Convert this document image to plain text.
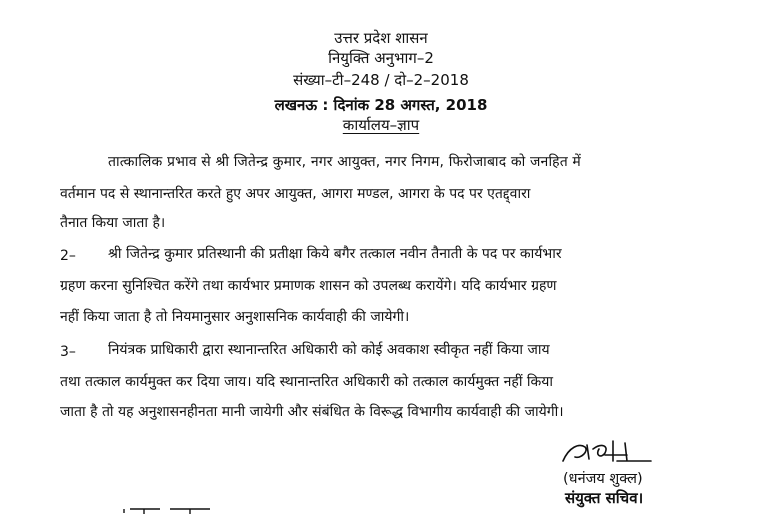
उत्तर प्रदेश शासन
नियुक्ति अनुभाग–2
संख्या–टी–248 / दो–2–2018
लखनऊ : दिनांक 28 अगस्त, 2018
कार्यालय–ज्ञाप
तात्कालिक प्रभाव से श्री जितेन्द्र कुमार, नगर आयुक्त, नगर निगम, फिरोजाबाद को जनहित में
वर्तमान पद से स्थानान्तरित करते हुए अपर आयुक्त, आगरा मण्डल, आगरा के पद पर एतद्द्वारा
तैनात किया जाता है।
2–	श्री जितेन्द्र कुमार प्रतिस्थानी की प्रतीक्षा किये बगैर तत्काल नवीन तैनाती के पद पर कार्यभार
ग्रहण करना सुनिश्चित करेंगे तथा कार्यभार प्रमाणक शासन को उपलब्ध करायेंगे। यदि कार्यभार ग्रहण
नहीं किया जाता है तो नियमानुसार अनुशासनिक कार्यवाही की जायेगी।
3–	नियंत्रक प्राधिकारी द्वारा स्थानान्तरित अधिकारी को कोई अवकाश स्वीकृत नहीं किया जाय
तथा तत्काल कार्यमुक्त कर दिया जाय। यदि स्थानान्तरित अधिकारी को तत्काल कार्यमुक्त नहीं किया
जाता है तो यह अनुशासनहीनता मानी जायेगी और संबंधित के विरूद्ध विभागीय कार्यवाही की जायेगी।
(धनंजय शुक्ल)
संयुक्त सचिव।
